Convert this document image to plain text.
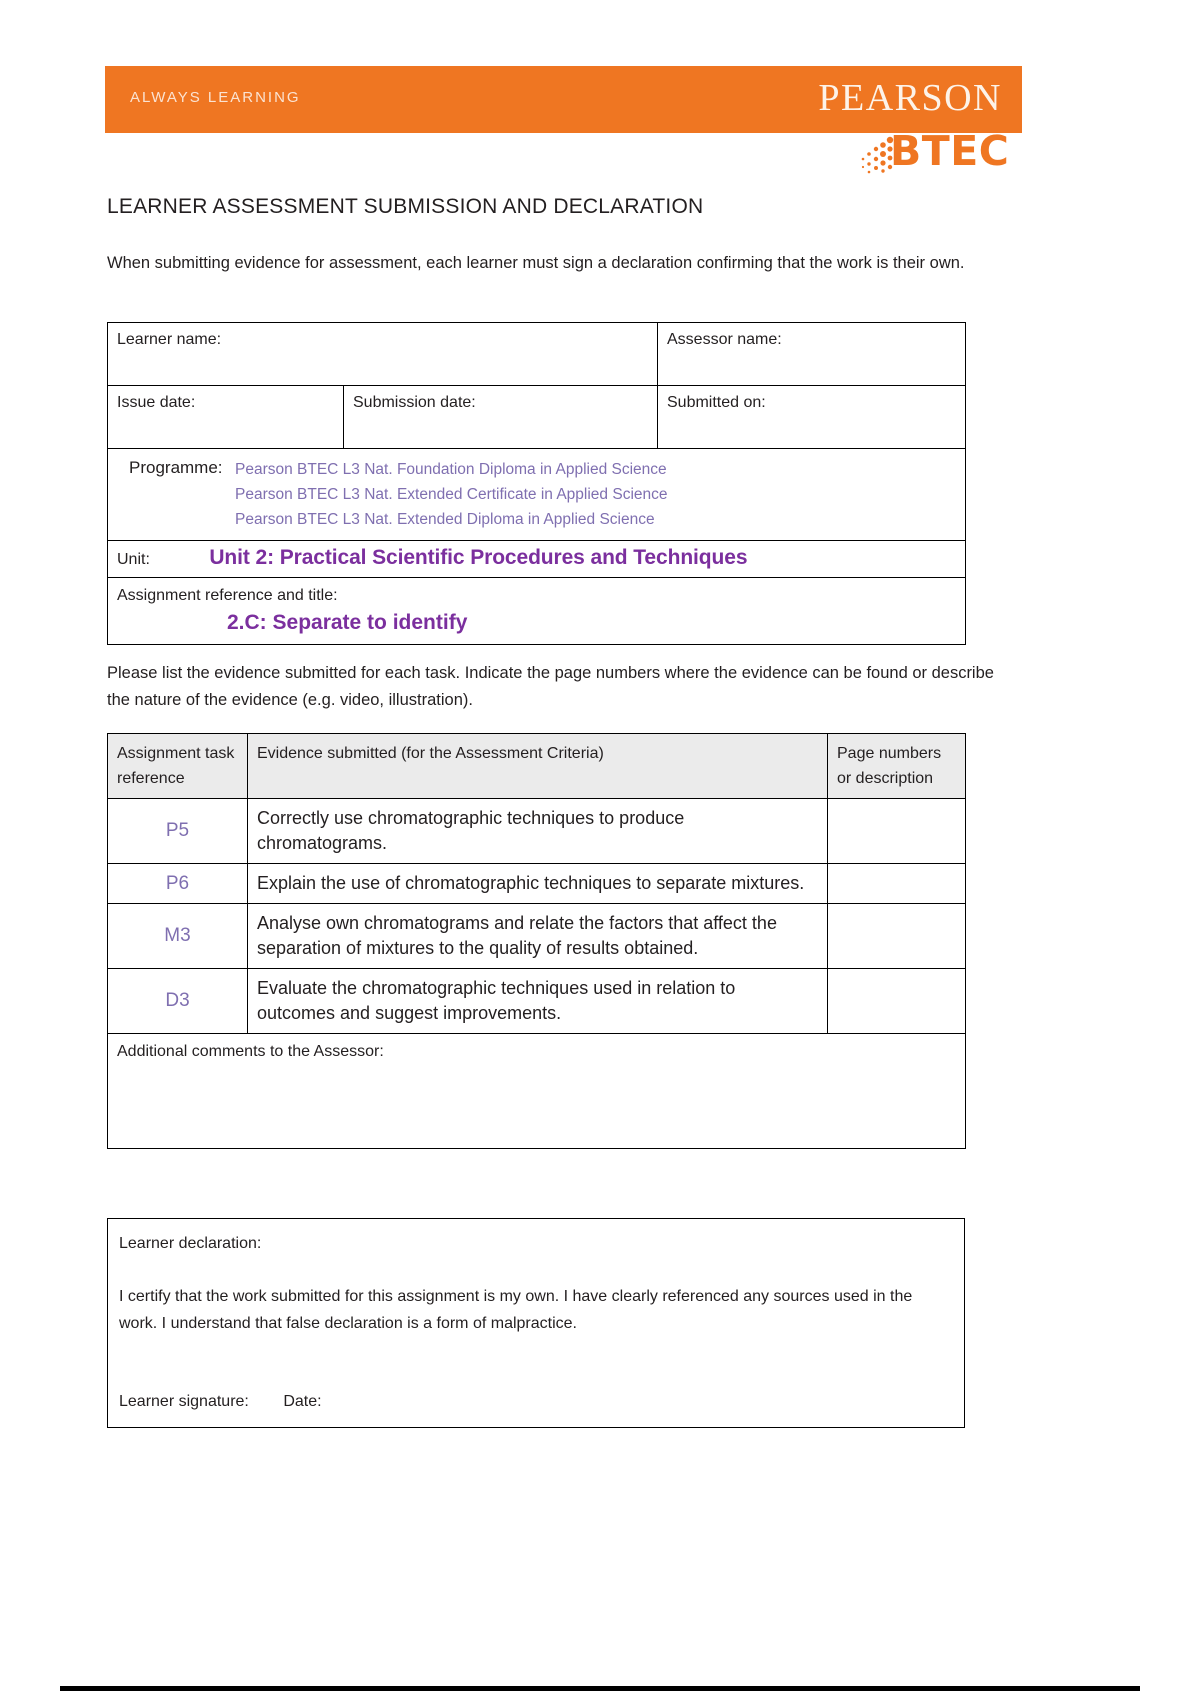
ALWAYS LEARNING	PEARSON
BTEC
LEARNER ASSESSMENT SUBMISSION AND DECLARATION
When submitting evidence for assessment, each learner must sign a declaration confirming that the work is their own.
Learner name:		Assessor name:
Issue date:	Submission date:	Submitted on:
Programme: Pearson BTEC L3 Nat. Foundation Diploma in Applied Science
Pearson BTEC L3 Nat. Extended Certificate in Applied Science
Pearson BTEC L3 Nat. Extended Diploma in Applied Science		

Unit: Unit 2: Practical Scientific Procedures and Techniques		

Assignment reference and title:
2.C: Separate to identify		
Please list the evidence submitted for each task. Indicate the page numbers where the evidence can be found or describe the nature of the evidence (e.g. video, illustration).
Assignment task reference	Evidence submitted (for the Assessment Criteria)	Page numbers or description
P5	Correctly use chromatographic techniques to produce chromatograms.	
P6	Explain the use of chromatographic techniques to separate mixtures.	
M3	Analyse own chromatograms and relate the factors that affect the separation of mixtures to the quality of results obtained.	
D3	Evaluate the chromatographic techniques used in relation to outcomes and suggest improvements.	
Additional comments to the Assessor:		
Learner declaration:
I certify that the work submitted for this assignment is my own. I have clearly referenced any sources used in the work. I understand that false declaration is a form of malpractice.
Learner signature: Date:
